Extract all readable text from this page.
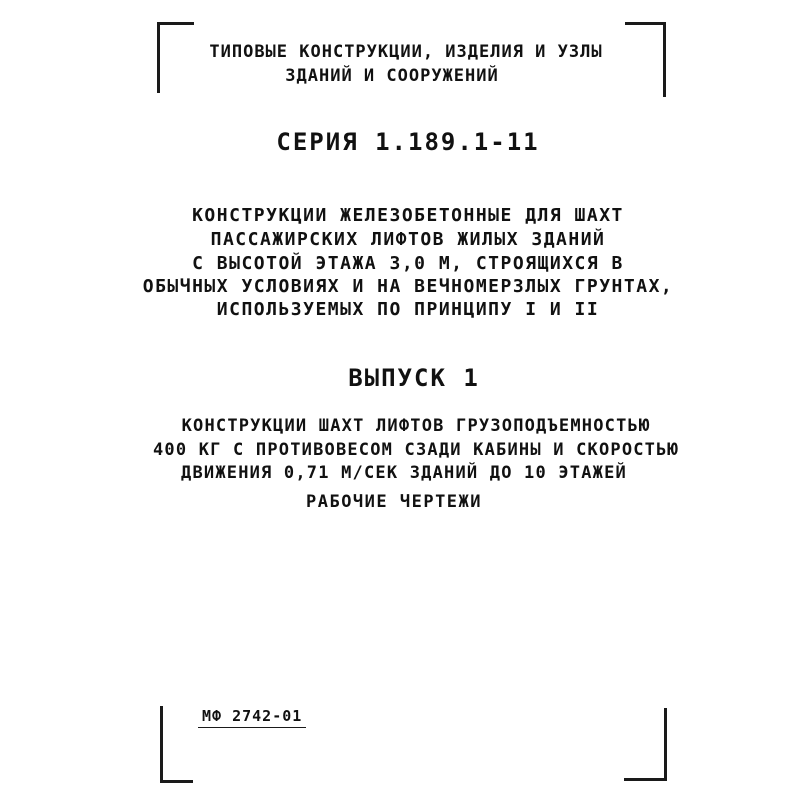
ТИПОВЫЕ КОНСТРУКЦИИ, ИЗДЕЛИЯ И УЗЛЫ
ЗДАНИЙ И СООРУЖЕНИЙ
СЕРИЯ 1.189.1-11
КОНСТРУКЦИИ ЖЕЛЕЗОБЕТОННЫЕ ДЛЯ ШАХТ
ПАССАЖИРСКИХ ЛИФТОВ ЖИЛЫХ ЗДАНИЙ
С ВЫСОТОЙ ЭТАЖА 3,0 М, СТРОЯЩИХСЯ В
ОБЫЧНЫХ УСЛОВИЯХ И НА ВЕЧНОМЕРЗЛЫХ ГРУНТАХ,
ИСПОЛЬЗУЕМЫХ ПО ПРИНЦИПУ I И II
ВЫПУСК 1
КОНСТРУКЦИИ ШАХТ ЛИФТОВ ГРУЗОПОДЪЕМНОСТЬЮ
400 КГ С ПРОТИВОВЕСОМ СЗАДИ КАБИНЫ И СКОРОСТЬЮ
ДВИЖЕНИЯ 0,71 М/СЕК ЗДАНИЙ ДО 10 ЭТАЖЕЙ
РАБОЧИЕ ЧЕРТЕЖИ
МФ 2742-01
